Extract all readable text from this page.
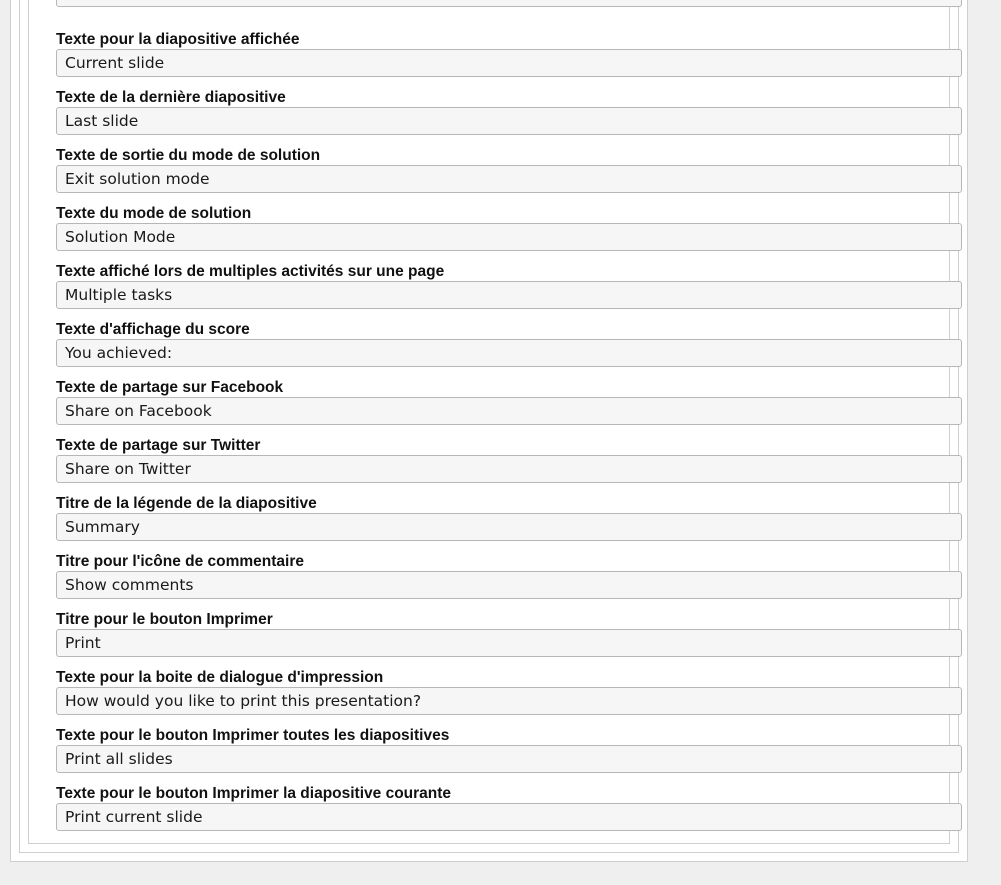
Next slide
Texte pour la diapositive affichée
Current slide
Texte de la dernière diapositive
Last slide
Texte de sortie du mode de solution
Exit solution mode
Texte du mode de solution
Solution Mode
Texte affiché lors de multiples activités sur une page
Multiple tasks
Texte d'affichage du score
You achieved:
Texte de partage sur Facebook
Share on Facebook
Texte de partage sur Twitter
Share on Twitter
Titre de la légende de la diapositive
Summary
Titre pour l'icône de commentaire
Show comments
Titre pour le bouton Imprimer
Print
Texte pour la boite de dialogue d'impression
How would you like to print this presentation?
Texte pour le bouton Imprimer toutes les diapositives
Print all slides
Texte pour le bouton Imprimer la diapositive courante
Print current slide
